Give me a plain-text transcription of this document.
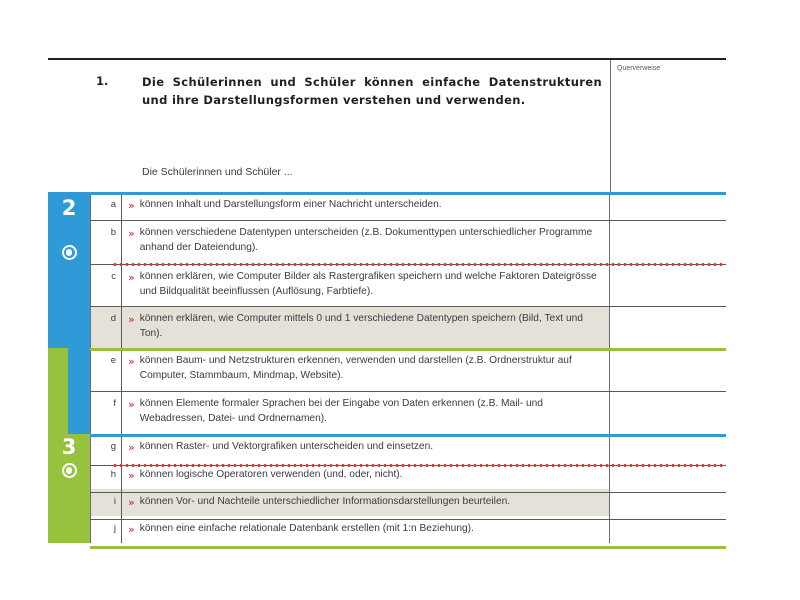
1.	Die Schülerinnen und Schüler können einfache Datenstrukturen und ihre Darstellungsformen verstehen und verwenden.
Die Schülerinnen und Schüler ...
Querverweise
a	» können Inhalt und Darstellungsform einer Nachricht unterscheiden.
b	» können verschiedene Datentypen unterscheiden (z.B. Dokumenttypen unterschiedlicher Programme anhand der Dateiendung).
c	» können erklären, wie Computer Bilder als Rastergrafiken speichern und welche Faktoren Dateigrösse und Bildqualität beeinflussen (Auflösung, Farbtiefe).
d	» können erklären, wie Computer mittels 0 und 1 verschiedene Datentypen speichern (Bild, Text und Ton).
e	» können Baum- und Netzstrukturen erkennen, verwenden und darstellen (z.B. Ordnerstruktur auf Computer, Stammbaum, Mindmap, Website).
f	» können Elemente formaler Sprachen bei der Eingabe von Daten erkennen (z.B. Mail- und Webadressen, Datei- und Ordnernamen).
g	» können Raster- und Vektorgrafiken unterscheiden und einsetzen.
h	» können logische Operatoren verwenden (und, oder, nicht).
i	» können Vor- und Nachteile unterschiedlicher Informationsdarstellungen beurteilen.
j	» können eine einfache relationale Datenbank erstellen (mit 1:n Beziehung).
2
3
